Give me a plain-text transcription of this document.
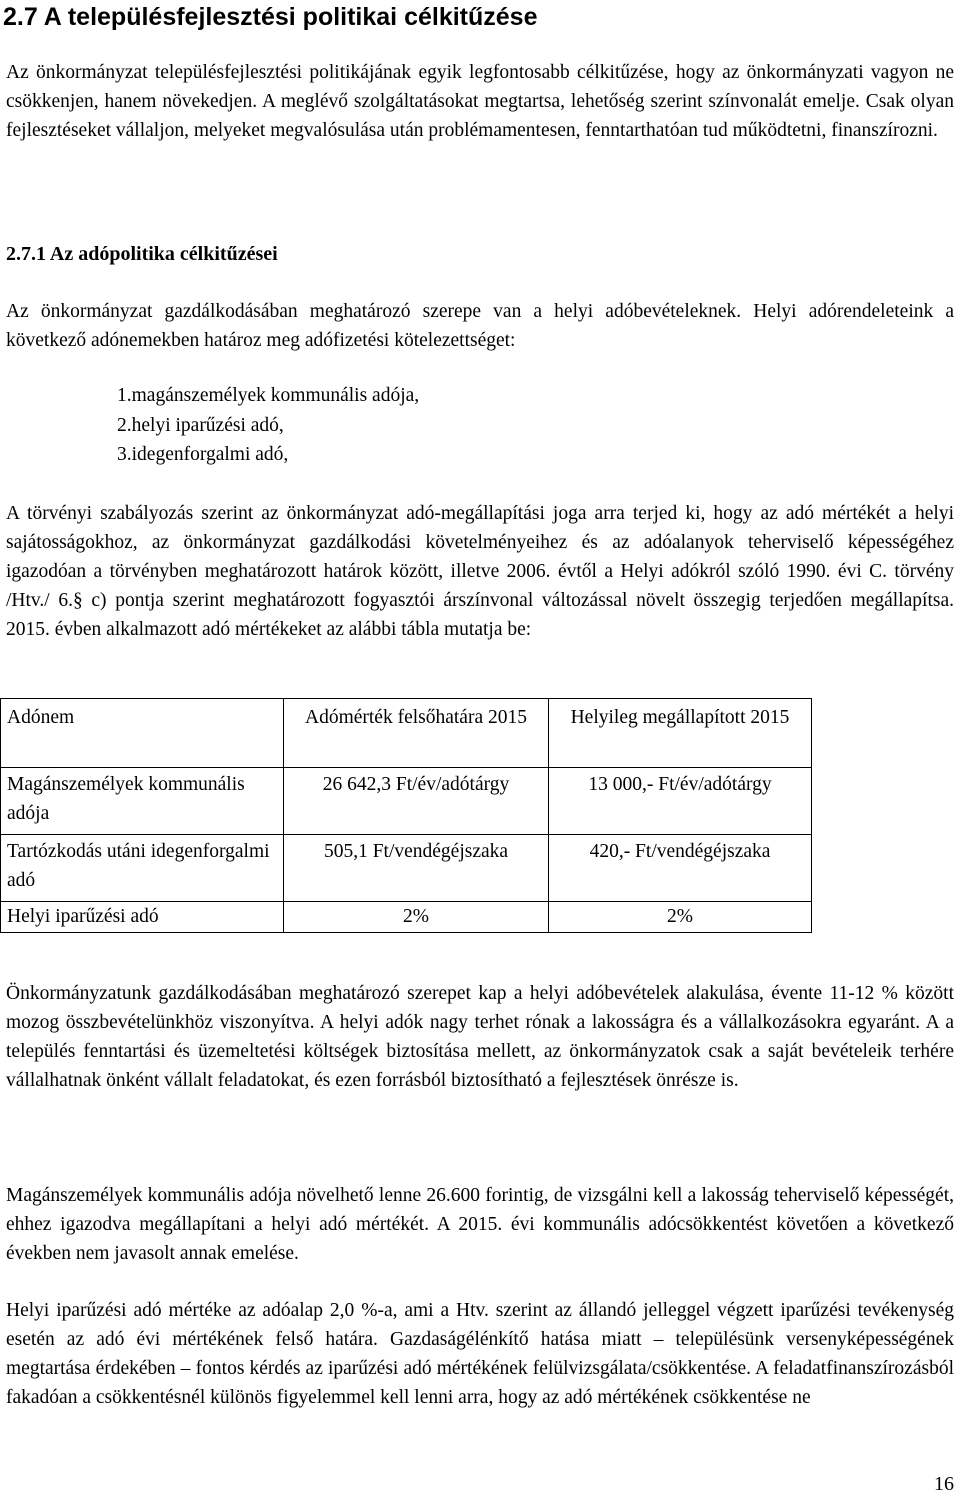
2.7 A településfejlesztési politikai célkitűzése

Az önkormányzat településfejlesztési politikájának egyik legfontosabb célkitűzése, hogy az önkormányzati vagyon ne csökkenjen, hanem növekedjen. A meglévő szolgáltatásokat megtartsa, lehetőség szerint színvonalát emelje. Csak olyan fejlesztéseket vállaljon, melyeket megvalósulása után problémamentesen, fenntarthatóan tud működtetni, finanszírozni.

2.7.1 Az adópolitika célkitűzései

Az önkormányzat gazdálkodásában meghatározó szerepe van a helyi adóbevételeknek. Helyi adórendeleteink a következő adónemekben határoz meg adófizetési kötelezettséget:

1.magánszemélyek kommunális adója,
2.helyi iparűzési adó,
3.idegenforgalmi adó,

A törvényi szabályozás szerint az önkormányzat adó-megállapítási joga arra terjed ki, hogy az adó mértékét a helyi sajátosságokhoz, az önkormányzat gazdálkodási követelményeihez és az adóalanyok teherviselő képességéhez igazodóan a törvényben meghatározott határok között, illetve 2006. évtől a Helyi adókról szóló 1990. évi C. törvény /Htv./ 6.§ c) pontja szerint meghatározott fogyasztói árszínvonal változással növelt összegig terjedően megállapítsa. 2015. évben alkalmazott adó mértékeket az alábbi tábla mutatja be:

Adónem	Adómérték felsőhatára 2015	Helyileg megállapított 2015
Magánszemélyek kommunális adója	26 642,3 Ft/év/adótárgy	13 000,- Ft/év/adótárgy
Tartózkodás utáni idegenforgalmi adó	505,1 Ft/vendégéjszaka	420,- Ft/vendégéjszaka
Helyi iparűzési adó	2%	2%

Önkormányzatunk gazdálkodásában meghatározó szerepet kap a helyi adóbevételek alakulása, évente 11-12 % között mozog összbevételünkhöz viszonyítva. A helyi adók nagy terhet rónak a lakosságra és a vállalkozásokra egyaránt. A a település fenntartási és üzemeltetési költségek biztosítása mellett, az önkormányzatok csak a saját bevételeik terhére vállalhatnak önként vállalt feladatokat, és ezen forrásból biztosítható a fejlesztések önrésze is.

Magánszemélyek kommunális adója növelhető lenne 26.600 forintig, de vizsgálni kell a lakosság teherviselő képességét, ehhez igazodva megállapítani a helyi adó mértékét. A 2015. évi kommunális adócsökkentést követően a következő években nem javasolt annak emelése.

Helyi iparűzési adó mértéke az adóalap 2,0 %-a, ami a Htv. szerint az állandó jelleggel végzett iparűzési tevékenység esetén az adó évi mértékének felső határa. Gazdaságélénkítő hatása miatt – településünk versenyképességének megtartása érdekében – fontos kérdés az iparűzési adó mértékének felülvizsgálata/csökkentése. A feladatfinanszírozásból fakadóan a csökkentésnél különös figyelemmel kell lenni arra, hogy az adó mértékének csökkentése ne

16
